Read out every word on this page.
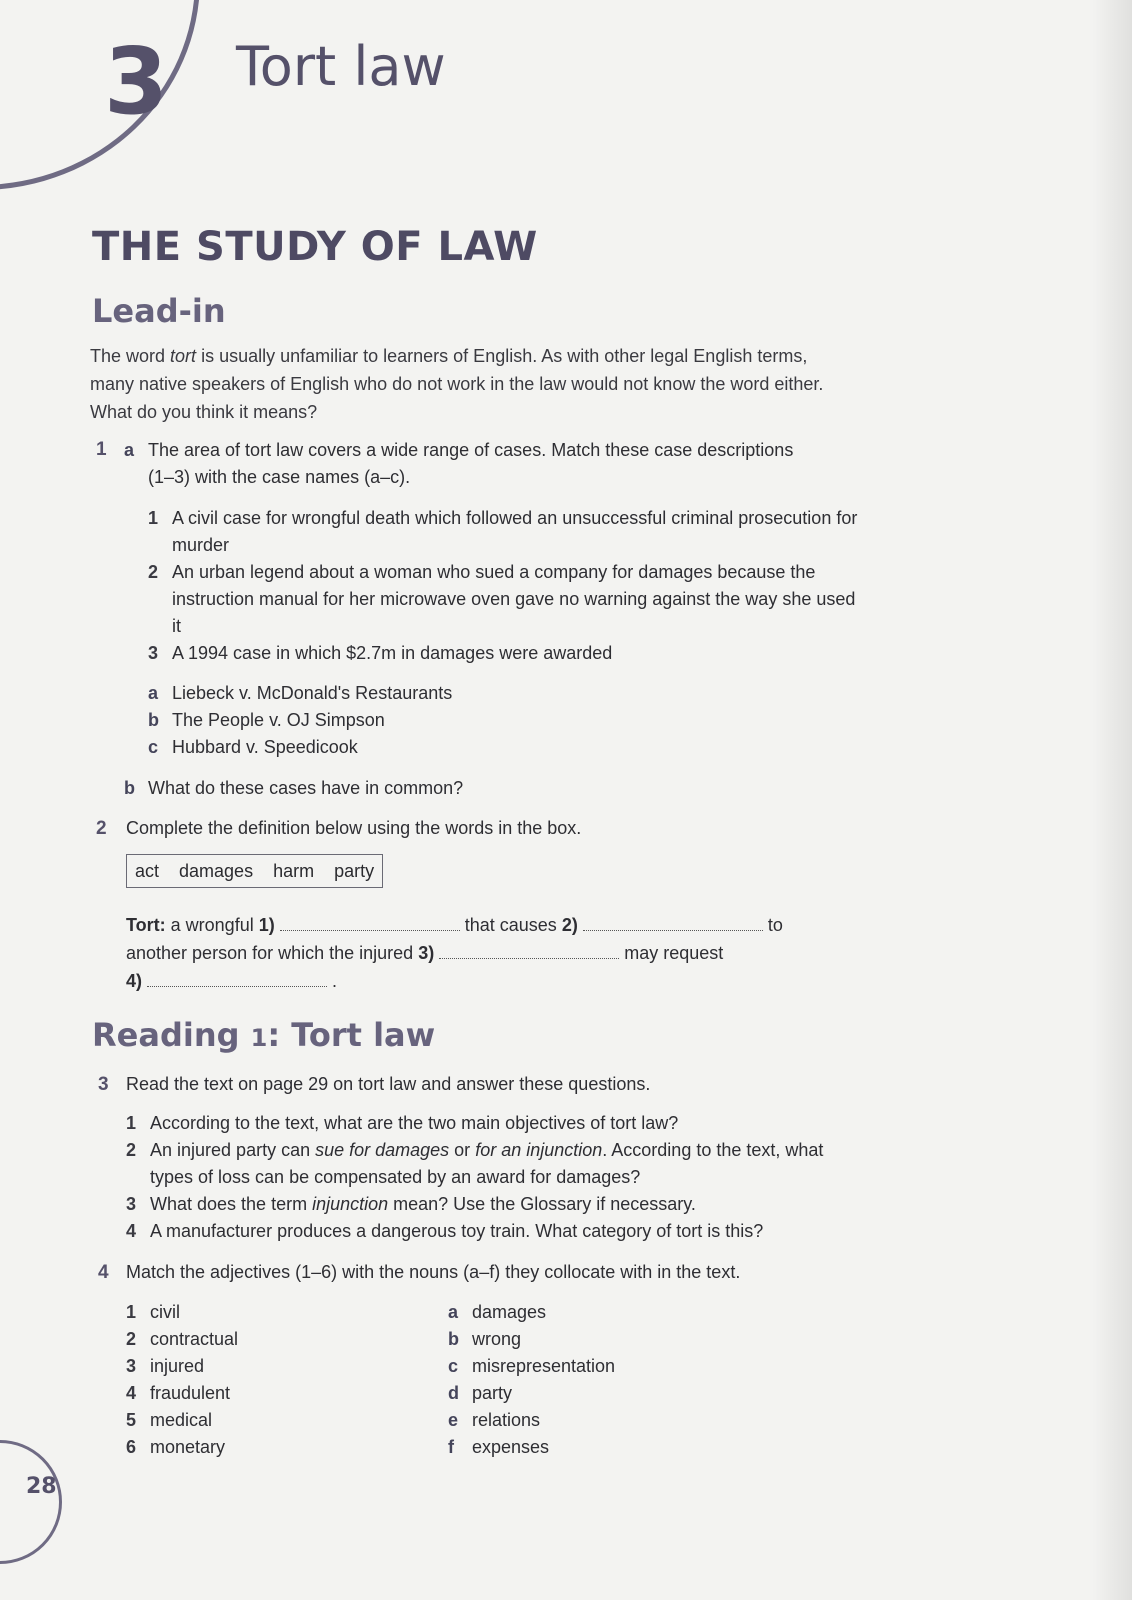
3 Tort law
THE STUDY OF LAW
Lead-in
The word tort is usually unfamiliar to learners of English. As with other legal English terms, many native speakers of English who do not work in the law would not know the word either. What do you think it means?
1 a The area of tort law covers a wide range of cases. Match these case descriptions (1–3) with the case names (a–c).
1 A civil case for wrongful death which followed an unsuccessful criminal prosecution for murder
2 An urban legend about a woman who sued a company for damages because the instruction manual for her microwave oven gave no warning against the way she used it
3 A 1994 case in which $2.7m in damages were awarded
a Liebeck v. McDonald's Restaurants
b The People v. OJ Simpson
c Hubbard v. Speedicook
b What do these cases have in common?
2 Complete the definition below using the words in the box.
act damages harm party
Tort: a wrongful 1)	that causes 2)	to another person for which the injured 3)	may request
4)	.
Reading 1: Tort law
3 Read the text on page 29 on tort law and answer these questions.
1 According to the text, what are the two main objectives of tort law?
2 An injured party can sue for damages or for an injunction. According to the text, what types of loss can be compensated by an award for damages?
3 What does the term injunction mean? Use the Glossary if necessary.
4 A manufacturer produces a dangerous toy train. What category of tort is this?
4 Match the adjectives (1–6) with the nouns (a–f) they collocate with in the text.
1 civil
2 contractual
3 injured
4 fraudulent
5 medical
6 monetary
a damages
b wrong
c misrepresentation
d party
e relations
f	expenses
28
